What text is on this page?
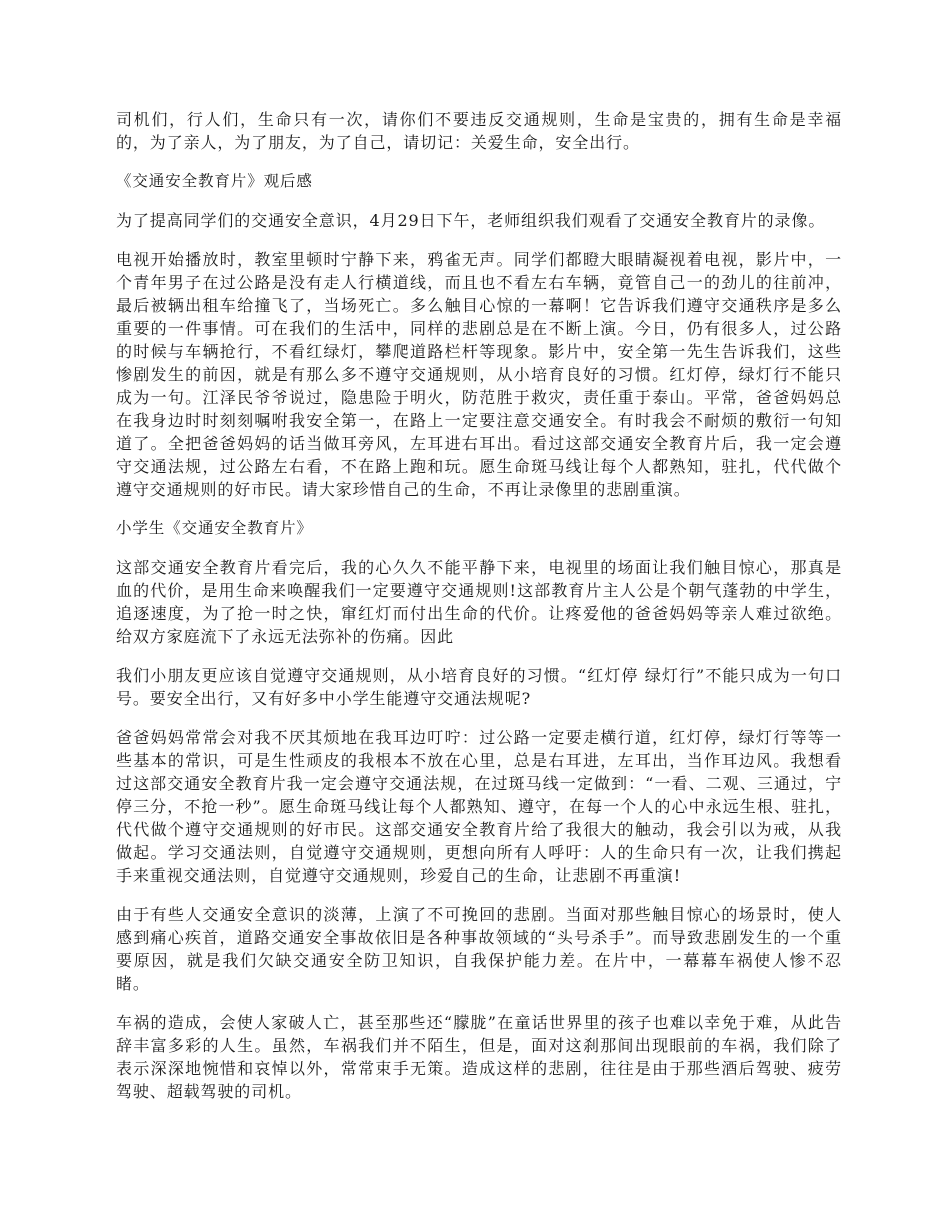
司机们，行人们，生命只有一次，请你们不要违反交通规则，生命是宝贵的，拥有生命是幸福的，为了亲人，为了朋友，为了自己，请切记：关爱生命，安全出行。

《交通安全教育片》观后感

为了提高同学们的交通安全意识，4月29日下午，老师组织我们观看了交通安全教育片的录像。

电视开始播放时，教室里顿时宁静下来，鸦雀无声。同学们都瞪大眼睛凝视着电视，影片中，一个青年男子在过公路是没有走人行横道线，而且也不看左右车辆，竟管自己一的劲儿的往前冲，最后被辆出租车给撞飞了，当场死亡。多么触目心惊的一幕啊！它告诉我们遵守交通秩序是多么重要的一件事情。可在我们的生活中，同样的悲剧总是在不断上演。今日，仍有很多人，过公路的时候与车辆抢行，不看红绿灯，攀爬道路栏杆等现象。影片中，安全第一先生告诉我们，这些惨剧发生的前因，就是有那么多不遵守交通规则，从小培育良好的习惯。红灯停，绿灯行不能只成为一句。江泽民爷爷说过，隐患险于明火，防范胜于救灾，责任重于泰山。平常，爸爸妈妈总在我身边时时刻刻嘱咐我安全第一，在路上一定要注意交通安全。有时我会不耐烦的敷衍一句知道了。全把爸爸妈妈的话当做耳旁风，左耳进右耳出。看过这部交通安全教育片后，我一定会遵守交通法规，过公路左右看，不在路上跑和玩。愿生命斑马线让每个人都熟知，驻扎，代代做个遵守交通规则的好市民。请大家珍惜自己的生命，不再让录像里的悲剧重演。

小学生《交通安全教育片》

这部交通安全教育片看完后，我的心久久不能平静下来，电视里的场面让我们触目惊心，那真是血的代价，是用生命来唤醒我们一定要遵守交通规则!这部教育片主人公是个朝气蓬勃的中学生，追逐速度，为了抢一时之快，窜红灯而付出生命的代价。让疼爱他的爸爸妈妈等亲人难过欲绝。给双方家庭流下了永远无法弥补的伤痛。因此

我们小朋友更应该自觉遵守交通规则，从小培育良好的习惯。“红灯停 绿灯行”不能只成为一句口号。要安全出行，又有好多中小学生能遵守交通法规呢?

爸爸妈妈常常会对我不厌其烦地在我耳边叮咛：过公路一定要走横行道，红灯停，绿灯行等等一些基本的常识，可是生性顽皮的我根本不放在心里，总是右耳进，左耳出，当作耳边风。我想看过这部交通安全教育片我一定会遵守交通法规，在过斑马线一定做到：“一看、二观、三通过，宁停三分，不抢一秒”。愿生命斑马线让每个人都熟知、遵守，在每一个人的心中永远生根、驻扎，代代做个遵守交通规则的好市民。这部交通安全教育片给了我很大的触动，我会引以为戒，从我做起。学习交通法则，自觉遵守交通规则，更想向所有人呼吁：人的生命只有一次，让我们携起手来重视交通法则，自觉遵守交通规则，珍爱自己的生命，让悲剧不再重演!

由于有些人交通安全意识的淡薄，上演了不可挽回的悲剧。当面对那些触目惊心的场景时，使人感到痛心疾首，道路交通安全事故依旧是各种事故领域的“头号杀手”。而导致悲剧发生的一个重要原因，就是我们欠缺交通安全防卫知识，自我保护能力差。在片中，一幕幕车祸使人惨不忍睹。

车祸的造成，会使人家破人亡，甚至那些还“朦胧”在童话世界里的孩子也难以幸免于难，从此告辞丰富多彩的人生。虽然，车祸我们并不陌生，但是，面对这刹那间出现眼前的车祸，我们除了表示深深地惋惜和哀悼以外，常常束手无策。造成这样的悲剧，往往是由于那些酒后驾驶、疲劳驾驶、超载驾驶的司机。
